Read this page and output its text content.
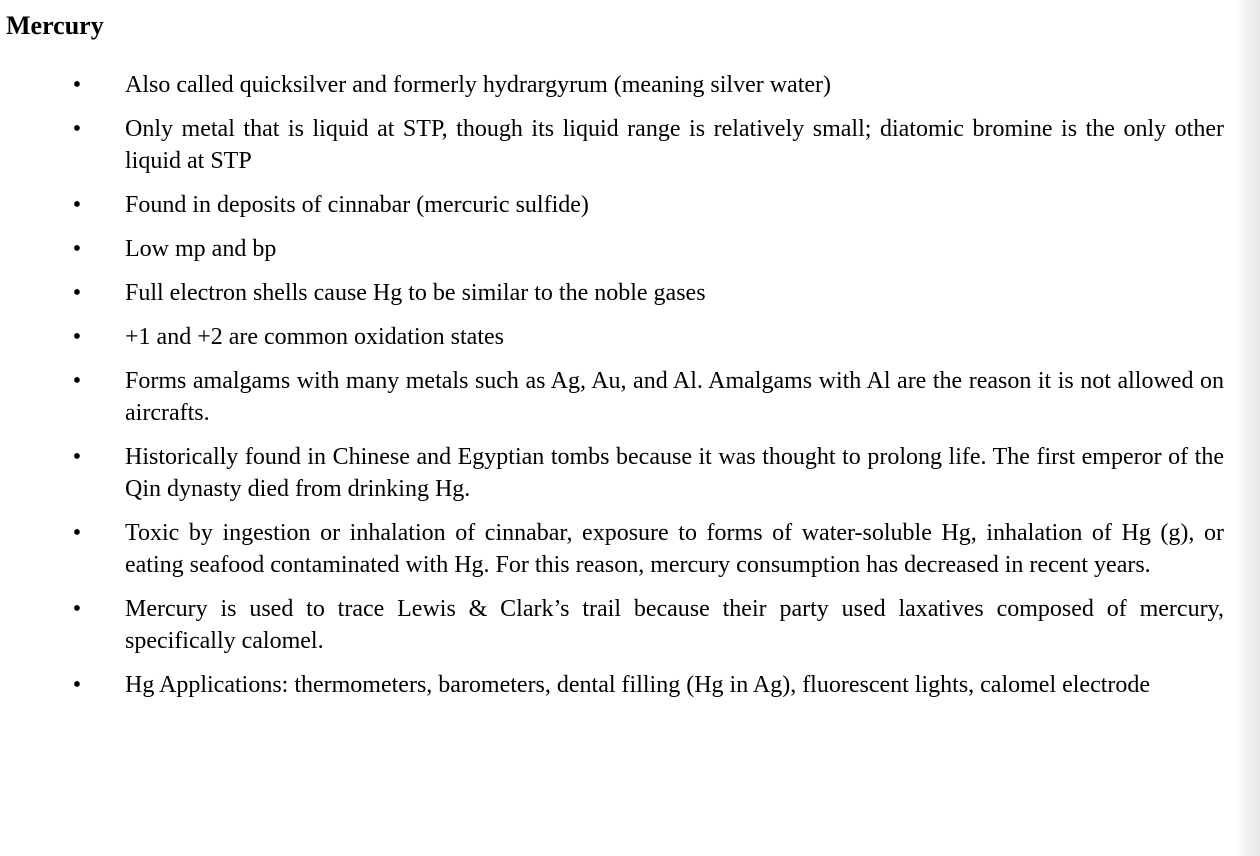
Mercury
•	Also called quicksilver and formerly hydrargyrum (meaning silver water)
•	Only metal that is liquid at STP, though its liquid range is relatively small; diatomic bromine is the only other liquid at STP
•	Found in deposits of cinnabar (mercuric sulfide)
•	Low mp and bp
•	Full electron shells cause Hg to be similar to the noble gases
•	+1 and +2 are common oxidation states
•	Forms amalgams with many metals such as Ag, Au, and Al. Amalgams with Al are the reason it is not allowed on aircrafts.
•	Historically found in Chinese and Egyptian tombs because it was thought to prolong life. The first emperor of the Qin dynasty died from drinking Hg.
•	Toxic by ingestion or inhalation of cinnabar, exposure to forms of water-soluble Hg, inhalation of Hg (g), or eating seafood contaminated with Hg. For this reason, mercury consumption has decreased in recent years.
•	Mercury is used to trace Lewis & Clark’s trail because their party used laxatives composed of mercury, specifically calomel.
•	Hg Applications: thermometers, barometers, dental filling (Hg in Ag), fluorescent lights, calomel electrode
